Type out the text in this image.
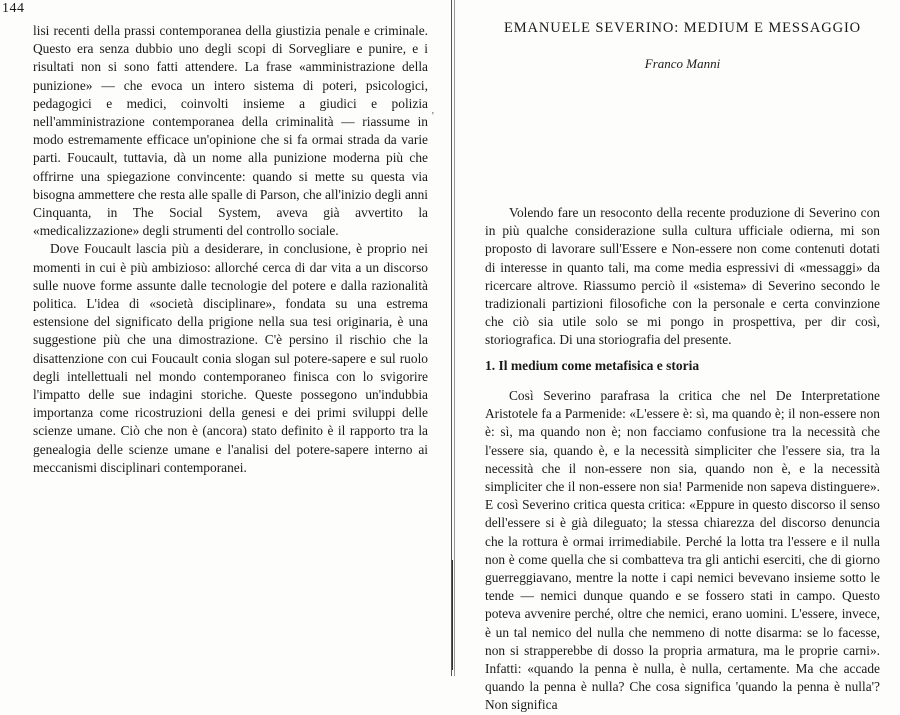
144

lisi recenti della prassi contemporanea della giustizia penale e criminale. Questo era senza dubbio uno degli scopi di Sorvegliare e punire, e i risultati non si sono fatti attendere. La frase «amministrazione della punizione» — che evoca un intero sistema di poteri, psicologici, pedagogici e medici, coinvolti insieme a giudici e polizia nell'amministrazione contemporanea della criminalità — riassume in modo estremamente efficace un'opinione che si fa ormai strada da varie parti. Foucault, tuttavia, dà un nome alla punizione moderna più che offrirne una spiegazione convincente: quando si mette su questa via bisogna ammettere che resta alle spalle di Parson, che all'inizio degli anni Cinquanta, in The Social System, aveva già avvertito la «medicalizzazione» degli strumenti del controllo sociale.

Dove Foucault lascia più a desiderare, in conclusione, è proprio nei momenti in cui è più ambizioso: allorché cerca di dar vita a un discorso sulle nuove forme assunte dalle tecnologie del potere e dalla razionalità politica. L'idea di «società disciplinare», fondata su una estrema estensione del significato della prigione nella sua tesi originaria, è una suggestione più che una dimostrazione. C'è persino il rischio che la disattenzione con cui Foucault conia slogan sul potere-sapere e sul ruolo degli intellettuali nel mondo contemporaneo finisca con lo svigorire l'impatto delle sue indagini storiche. Queste possegono un'indubbia importanza come ricostruzioni della genesi e dei primi sviluppi delle scienze umane. Ciò che non è (ancora) stato definito è il rapporto tra la genealogia delle scienze umane e l'analisi del potere-sapere interno ai meccanismi disciplinari contemporanei.

'
EMANUELE SEVERINO: MEDIUM E MESSAGGIO
Franco Manni
Volendo fare un resoconto della recente produzione di Severino con in più qualche considerazione sulla cultura ufficiale odierna, mi son proposto di lavorare sull'Essere e Non-essere non come contenuti dotati di interesse in quanto tali, ma come media espressivi di «messaggi» da ricercare altrove. Riassumo perciò il «sistema» di Severino secondo le tradizionali partizioni filosofiche con la personale e certa convinzione che ciò sia utile solo se mi pongo in prospettiva, per dir così, storiografica. Di una storiografia del presente.
1. Il medium come metafisica e storia
Così Severino parafrasa la critica che nel De Interpretatione Aristotele fa a Parmenide: «L'essere è: sì, ma quando è; il non-essere non è: sì, ma quando non è; non facciamo confusione tra la necessità che l'essere sia, quando è, e la necessità simpliciter che l'essere sia, tra la necessità che il non-essere non sia, quando non è, e la necessità simpliciter che il non-essere non sia! Parmenide non sapeva distinguere». E così Severino critica questa critica: «Eppure in questo discorso il senso dell'essere si è già dileguato; la stessa chiarezza del discorso denuncia che la rottura è ormai irrimediabile. Perché la lotta tra l'essere e il nulla non è come quella che si combatteva tra gli antichi eserciti, che di giorno guerreggiavano, mentre la notte i capi nemici bevevano insieme sotto le tende — nemici dunque quando e se fossero stati in campo. Questo poteva avvenire perché, oltre che nemici, erano uomini. L'essere, invece, è un tal nemico del nulla che nemmeno di notte disarma: se lo facesse, non si strapperebbe di dosso la propria armatura, ma le proprie carni». Infatti: «quando la penna è nulla, è nulla, certamente. Ma che accade quando la penna è nulla? Che cosa significa 'quando la penna è nulla'? Non significa
